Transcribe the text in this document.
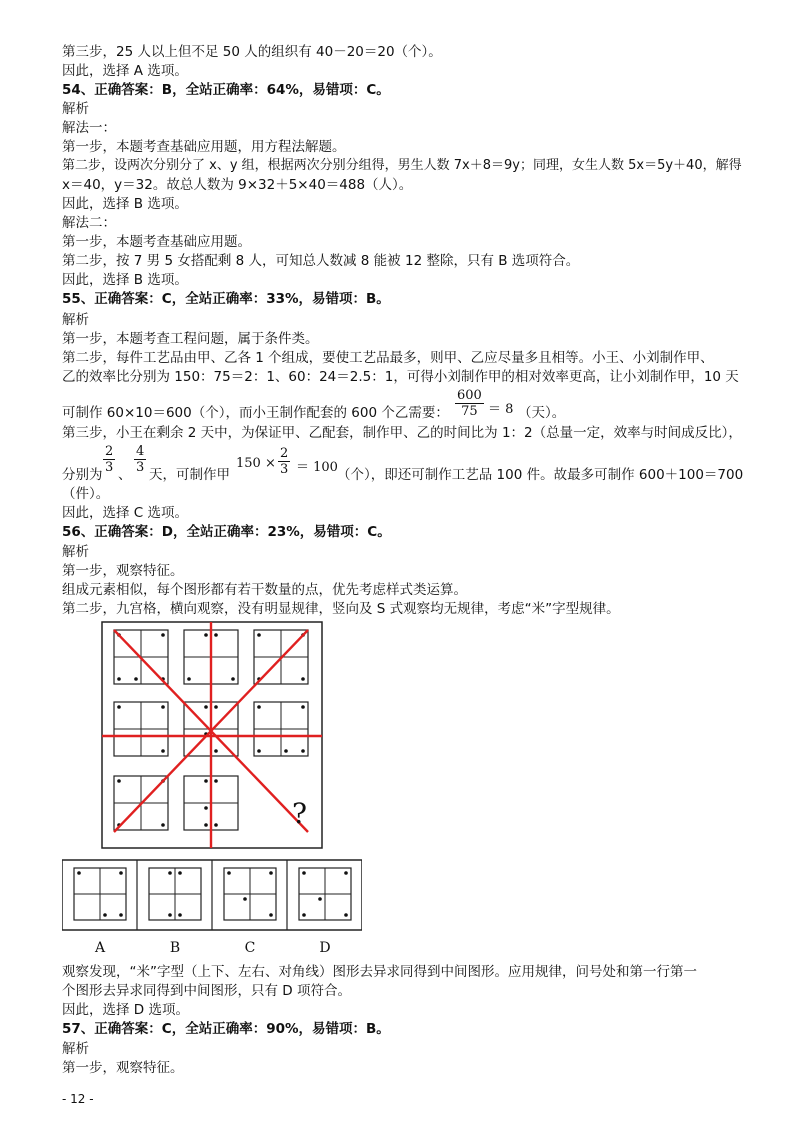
第三步，25 人以上但不足 50 人的组织有 40－20＝20（个）。
因此，选择 A 选项。
54、正确答案：B，全站正确率：64%，易错项：C。
解析
解法一：
第一步，本题考查基础应用题，用方程法解题。
第二步，设两次分别分了 x、y 组，根据两次分别分组得，男生人数 7x＋8＝9y；同理，女生人数 5x＝5y＋40，解得
x＝40，y＝32。故总人数为 9×32＋5×40＝488（人）。
因此，选择 B 选项。
解法二：
第一步，本题考查基础应用题。
第二步，按 7 男 5 女搭配剩 8 人，可知总人数减 8 能被 12 整除，只有 B 选项符合。
因此，选择 B 选项。
55、正确答案：C，全站正确率：33%，易错项：B。
解析
第一步，本题考查工程问题，属于条件类。
第二步，每件工艺品由甲、乙各 1 个组成，要使工艺品最多，则甲、乙应尽量多且相等。小王、小刘制作甲、
乙的效率比分别为 150：75＝2：1、60：24＝2.5：1，可得小刘制作甲的相对效率更高，让小刘制作甲，10 天
可制作 60×10＝600（个），而小王制作配套的 600 个乙需要： $\frac{600}{75} = 8$ （天）。
第三步，小王在剩余 2 天中，为保证甲、乙配套，制作甲、乙的时间比为 1：2（总量一定，效率与时间成反比），
分别为 $\frac{2}{3}$ 、 $\frac{4}{3}$ 天，可制作甲
$150 \times \frac{2}{3} = 100$ （个），即还可制作工艺品 100 件。故最多可制作 600＋100＝700
（件）。
因此，选择 C 选项。
56、正确答案：D，全站正确率：23%，易错项：C。
解析
第一步，观察特征。
组成元素相似，每个图形都有若干数量的点，优先考虑样式类运算。
第二步，九宫格，横向观察，没有明显规律，竖向及 S 式观察均无规律，考虑“米”字型规律。
?
A	B	C	D
观察发现，“米”字型（上下、左右、对角线）图形去异求同得到中间图形。应用规律，问号处和第一行第一
个图形去异求同得到中间图形，只有 D 项符合。
因此，选择 D 选项。
57、正确答案：C，全站正确率：90%，易错项：B。
解析
第一步，观察特征。
- 12 -
